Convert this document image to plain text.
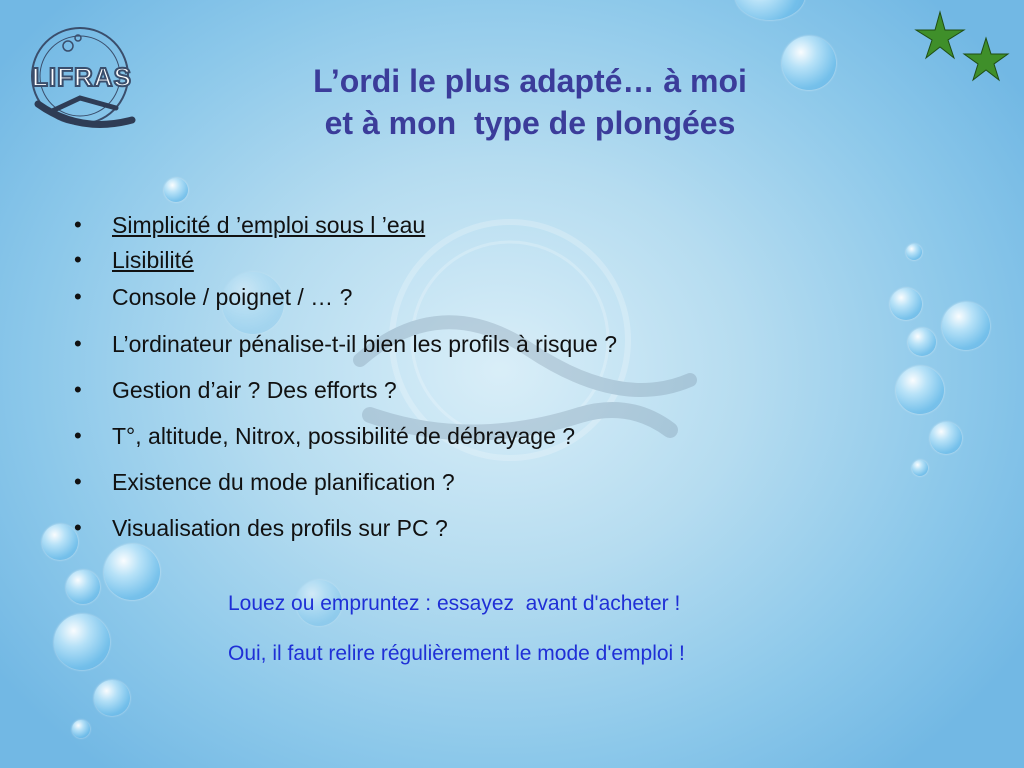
LIFRAS	L’ordi le plus adapté… à moi
et à mon  type de plongées
• Simplicité d ’emploi sous l ’eau
• Lisibilité
• Console / poignet / … ?
• L’ordinateur pénalise-t-il bien les profils à risque ?
• Gestion d’air ? Des efforts ?
• T°, altitude, Nitrox, possibilité de débrayage ?
• Existence du mode planification ?
• Visualisation des profils sur PC ?
Louez ou empruntez : essayez  avant d'acheter !
Oui, il faut relire régulièrement le mode d'emploi !
